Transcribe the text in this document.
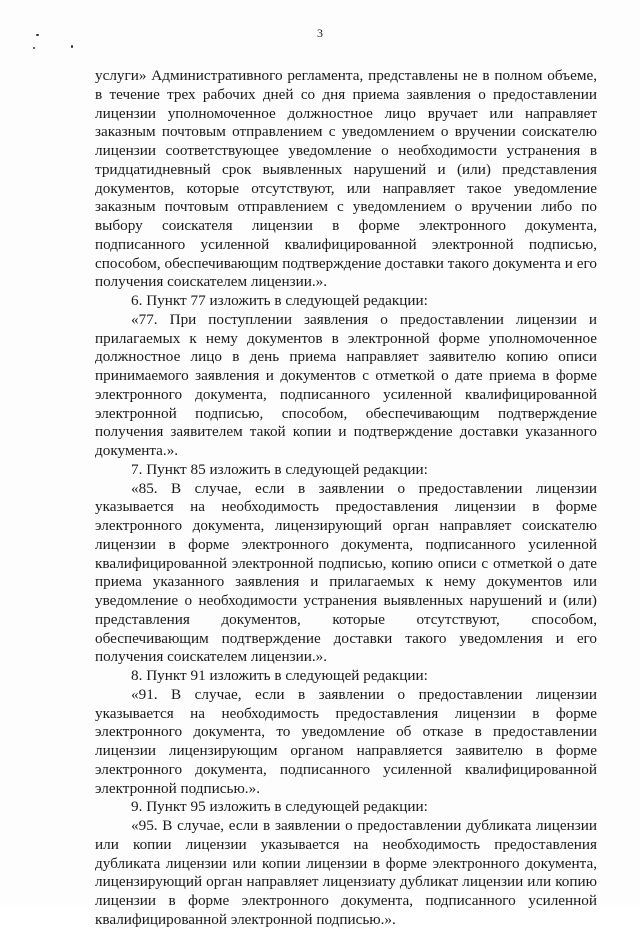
3

услуги» Административного регламента, представлены не в полном объеме, в течение трех рабочих дней со дня приема заявления о предоставлении лицензии уполномоченное должностное лицо вручает или направляет заказным почтовым отправлением с уведомлением о вручении соискателю лицензии соответствующее уведомление о необходимости устранения в тридцатидневный срок выявленных нарушений и (или) представления документов, которые отсутствуют, или направляет такое уведомление заказным почтовым отправлением с уведомлением о вручении либо по выбору соискателя лицензии в форме электронного документа, подписанного усиленной квалифицированной электронной подписью, способом, обеспечивающим подтверждение доставки такого документа и его получения соискателем лицензии.».

6. Пункт 77 изложить в следующей редакции:

«77. При поступлении заявления о предоставлении лицензии и прилагаемых к нему документов в электронной форме уполномоченное должностное лицо в день приема направляет заявителю копию описи принимаемого заявления и документов с отметкой о дате приема в форме электронного документа, подписанного усиленной квалифицированной электронной подписью, способом, обеспечивающим подтверждение получения заявителем такой копии и подтверждение доставки указанного документа.».

7. Пункт 85 изложить в следующей редакции:

«85. В случае, если в заявлении о предоставлении лицензии указывается на необходимость предоставления лицензии в форме электронного документа, лицензирующий орган направляет соискателю лицензии в форме электронного документа, подписанного усиленной квалифицированной электронной подписью, копию описи с отметкой о дате приема указанного заявления и прилагаемых к нему документов или уведомление о необходимости устранения выявленных нарушений и (или) представления документов, которые отсутствуют, способом, обеспечивающим подтверждение доставки такого уведомления и его получения соискателем лицензии.».

8. Пункт 91 изложить в следующей редакции:

«91. В случае, если в заявлении о предоставлении лицензии указывается на необходимость предоставления лицензии в форме электронного документа, то уведомление об отказе в предоставлении лицензии лицензирующим органом направляется заявителю в форме электронного документа, подписанного усиленной квалифицированной электронной подписью.».

9. Пункт 95 изложить в следующей редакции:

«95. В случае, если в заявлении о предоставлении дубликата лицензии или копии лицензии указывается на необходимость предоставления дубликата лицензии или копии лицензии в форме электронного документа, лицензирующий орган направляет лицензиату дубликат лицензии или копию лицензии в форме электронного документа, подписанного усиленной квалифицированной электронной подписью.».
